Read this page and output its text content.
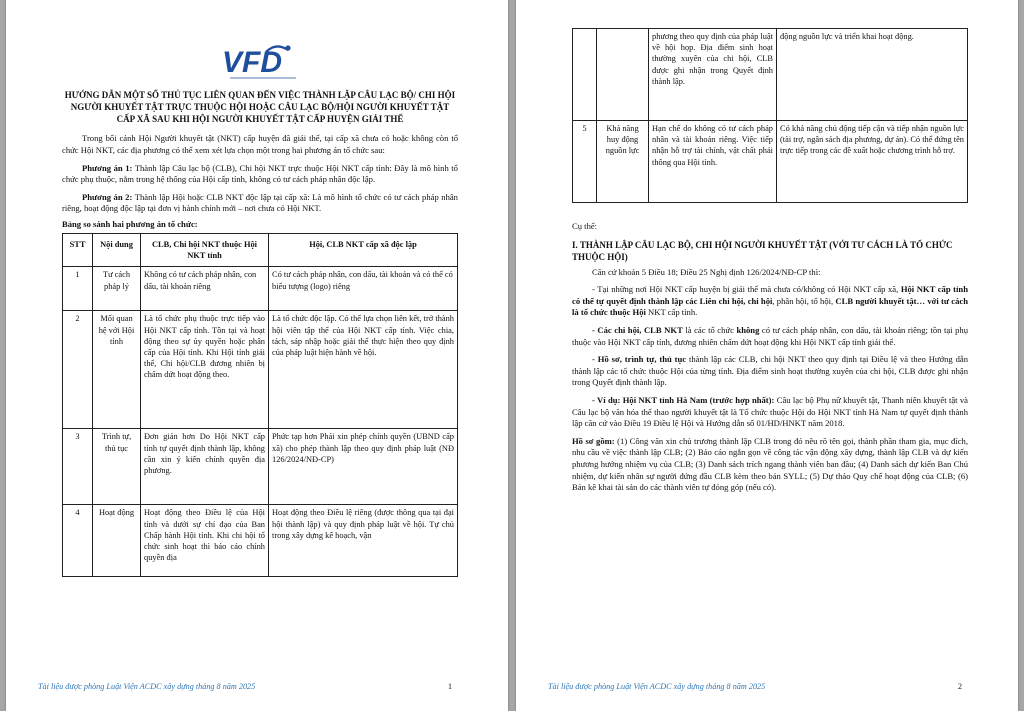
VFD
HƯỚNG DẪN MỘT SỐ THỦ TỤC LIÊN QUAN ĐẾN VIỆC THÀNH LẬP CÂU LẠC BỘ/ CHI HỘI NGƯỜI KHUYẾT TẬT TRỰC THUỘC HỘI HOẶC CÂU LẠC BỘ/HỘI NGƯỜI KHUYẾT TẬT CẤP XÃ SAU KHI HỘI NGƯỜI KHUYẾT TẬT CẤP HUYỆN GIẢI THỂ

Trong bối cảnh Hội Người khuyết tật (NKT) cấp huyện đã giải thể, tại cấp xã chưa có hoặc không còn tổ chức Hội NKT, các địa phương có thể xem xét lựa chọn một trong hai phương án tổ chức sau:

Phương án 1: Thành lập Câu lạc bộ (CLB), Chi hội NKT trực thuộc Hội NKT cấp tỉnh: Đây là mô hình tổ chức phụ thuộc, nằm trong hệ thống của Hội cấp tỉnh, không có tư cách pháp nhân độc lập.

Phương án 2: Thành lập Hội hoặc CLB NKT độc lập tại cấp xã: Là mô hình tổ chức có tư cách pháp nhân riêng, hoạt động độc lập tại đơn vị hành chính mới – nơi chưa có Hội NKT.

Bảng so sánh hai phương án tổ chức:
STT	Nội dung	CLB, Chi hội NKT thuộc Hội NKT tỉnh	Hội, CLB NKT cấp xã độc lập
1	Tư cách pháp lý	Không có tư cách pháp nhân, con dấu, tài khoản riêng	Có tư cách pháp nhân, con dấu, tài khoản và có thể có biểu tượng (logo) riêng
2	Mối quan hệ với Hội tỉnh	Là tổ chức phụ thuộc trực tiếp vào Hội NKT cấp tỉnh. Tồn tại và hoạt động theo sự ủy quyền hoặc phân cấp của Hội tỉnh. Khi Hội tỉnh giải thể, Chi hội/CLB đương nhiên bị chấm dứt hoạt động theo.	Là tổ chức độc lập. Có thể lựa chọn liên kết, trở thành hội viên tập thể của Hội NKT cấp tỉnh. Việc chia, tách, sáp nhập hoặc giải thể thực hiện theo quy định của pháp luật hiện hành về hội.
3	Trình tự, thủ tục	Đơn giản hơn Do Hội NKT cấp tỉnh tự quyết định thành lập, không cần xin ý kiến chính quyền địa phương.	Phức tạp hơn Phải xin phép chính quyền (UBND cấp xã) cho phép thành lập theo quy định pháp luật (NĐ 126/2024/NĐ-CP)
4	Hoạt động	Hoạt động theo Điều lệ của Hội tỉnh và dưới sự chỉ đạo của Ban Chấp hành Hội tỉnh. Khi chi hội tổ chức sinh hoạt thì báo cáo chính quyền địa	Hoạt động theo Điều lệ riêng (được thông qua tại đại hội thành lập) và quy định pháp luật về hội. Tự chủ trong xây dựng kế hoạch, vận
Tài liệu được phòng Luật Viện ACDC xây dựng tháng 8 năm 2025	1
		phương theo quy định của pháp luật về hội họp. Địa điểm sinh hoạt thường xuyên của chi hội, CLB được ghi nhận trong Quyết định thành lập.	động nguồn lực và triển khai hoạt động.
5	Khả năng huy động nguồn lực	Hạn chế do không có tư cách pháp nhân và tài khoản riêng. Việc tiếp nhận hỗ trợ tài chính, vật chất phải thông qua Hội tỉnh.	Có khả năng chủ động tiếp cận và tiếp nhận nguồn lực (tài trợ, ngân sách địa phương, dự án). Có thể đứng tên trực tiếp trong các đề xuất hoặc chương trình hỗ trợ.

Cụ thể:

I. THÀNH LẬP CÂU LẠC BỘ, CHI HỘI NGƯỜI KHUYẾT TẬT (VỚI TƯ CÁCH LÀ TỔ CHỨC THUỘC HỘI)

Căn cứ khoản 5 Điều 18; Điều 25 Nghị định 126/2024/NĐ-CP thì:

- Tại những nơi Hội NKT cấp huyện bị giải thể mà chưa có/không có Hội NKT cấp xã, Hội NKT cấp tỉnh có thể tự quyết định thành lập các Liên chi hội, chi hội, phân hội, tổ hội, CLB người khuyết tật… với tư cách là tổ chức thuộc Hội NKT cấp tỉnh.

- Các chi hội, CLB NKT là các tổ chức không có tư cách pháp nhân, con dấu, tài khoản riêng; tồn tại phụ thuộc vào Hội NKT cấp tỉnh, đương nhiên chấm dứt hoạt động khi Hội NKT cấp tỉnh giải thể.

- Hồ sơ, trình tự, thủ tục thành lập các CLB, chi hội NKT theo quy định tại Điều lệ và theo Hướng dẫn thành lập các tổ chức thuộc Hội của từng tỉnh. Địa điểm sinh hoạt thường xuyên của chi hội, CLB được ghi nhận trong Quyết định thành lập.

- Ví dụ: Hội NKT tỉnh Hà Nam (trước hợp nhất): Câu lạc bộ Phụ nữ khuyết tật, Thanh niên khuyết tật và Câu lạc bộ văn hóa thể thao người khuyết tật là Tổ chức thuộc Hội do Hội NKT tỉnh Hà Nam tự quyết định thành lập căn cứ vào Điều 19 Điều lệ Hội và Hướng dẫn số 01/HD/HNKT năm 2018.

Hồ sơ gồm: (1) Công văn xin chủ trương thành lập CLB trong đó nêu rõ tên gọi, thành phần tham gia, mục đích, nhu cầu về việc thành lập CLB; (2) Báo cáo ngắn gọn về công tác vận động xây dựng, thành lập CLB và dự kiến phương hướng nhiệm vụ của CLB; (3) Danh sách trích ngang thành viên ban đầu; (4) Danh sách dự kiến Ban Chủ nhiệm, dự kiến nhân sự người đứng đầu CLB kèm theo bản SYLL; (5) Dự thảo Quy chế hoạt động của CLB; (6) Bản kê khai tài sản do các thành viên tự đóng góp (nếu có).

Tài liệu được phòng Luật Viện ACDC xây dựng tháng 8 năm 2025	2
